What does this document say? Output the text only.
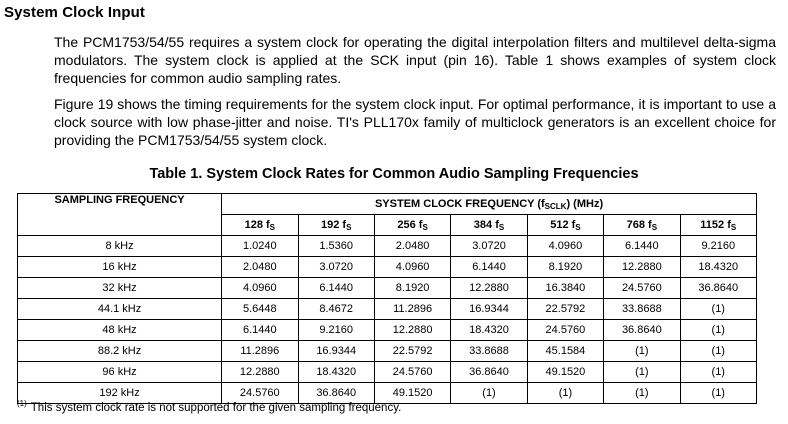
System Clock Input

The PCM1753/54/55 requires a system clock for operating the digital interpolation filters and multilevel delta-sigma modulators. The system clock is applied at the SCK input (pin 16). Table 1 shows examples of system clock frequencies for common audio sampling rates.

Figure 19 shows the timing requirements for the system clock input. For optimal performance, it is important to use a clock source with low phase-jitter and noise. TI's PLL170x family of multiclock generators is an excellent choice for providing the PCM1753/54/55 system clock.

Table 1. System Clock Rates for Common Audio Sampling Frequencies
SAMPLING FREQUENCY	SYSTEM CLOCK FREQUENCY $(f_{SCLK})$ (MHz)						
	128 $f_S$	192 $f_S$	256 $f_S$	384 $f_S$	512 $f_S$	768 $f_S$	1152 $f_S$
8 kHz	1.0240	1.5360	2.0480	3.0720	4.0960	6.1440	9.2160
16 kHz	2.0480	3.0720	4.0960	6.1440	8.1920	12.2880	18.4320
32 kHz	4.0960	6.1440	8.1920	12.2880	16.3840	24.5760	36.8640
44.1 kHz	5.6448	8.4672	11.2896	16.9344	22.5792	33.8688	(1)
48 kHz	6.1440	9.2160	12.2880	18.4320	24.5760	36.8640	(1)
88.2 kHz	11.2896	16.9344	22.5792	33.8688	45.1584	(1)	(1)
96 kHz	12.2880	18.4320	24.5760	36.8640	49.1520	(1)	(1)
192 kHz	24.5760	36.8640	49.1520	(1)	(1)	(1)	(1)
$^{(1)}$ This system clock rate is not supported for the given sampling frequency.
